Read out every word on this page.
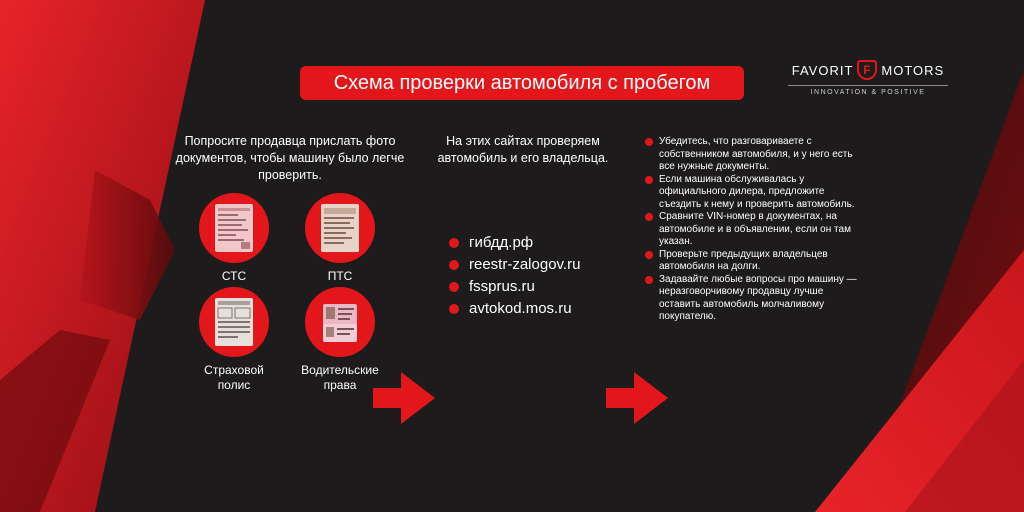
Схема проверки автомобиля с пробегом
FAVORIT F MOTORS
INNOVATION & POSITIVE
Попросите продавца прислать фото документов, чтобы машину было легче проверить.
СТС	ПТС
Страховой полис
Водительские права
На этих сайтах проверяем автомобиль и его владельца.
гибдд.рф
reestr-zalogov.ru
fssprus.ru
avtokod.mos.ru
Убедитесь, что разговариваете с собственником автомобиля, и у него есть все нужные документы.
Если машина обслуживалась у официального дилера, предложите съездить к нему и проверить автомобиль.
Сравните VIN-номер в документах, на автомобиле и в объявлении, если он там указан.
Проверьте предыдущих владельцев автомобиля на долги.
Задавайте любые вопросы про машину — неразговорчивому продавцу лучше оставить автомобиль молчаливому покупателю.
